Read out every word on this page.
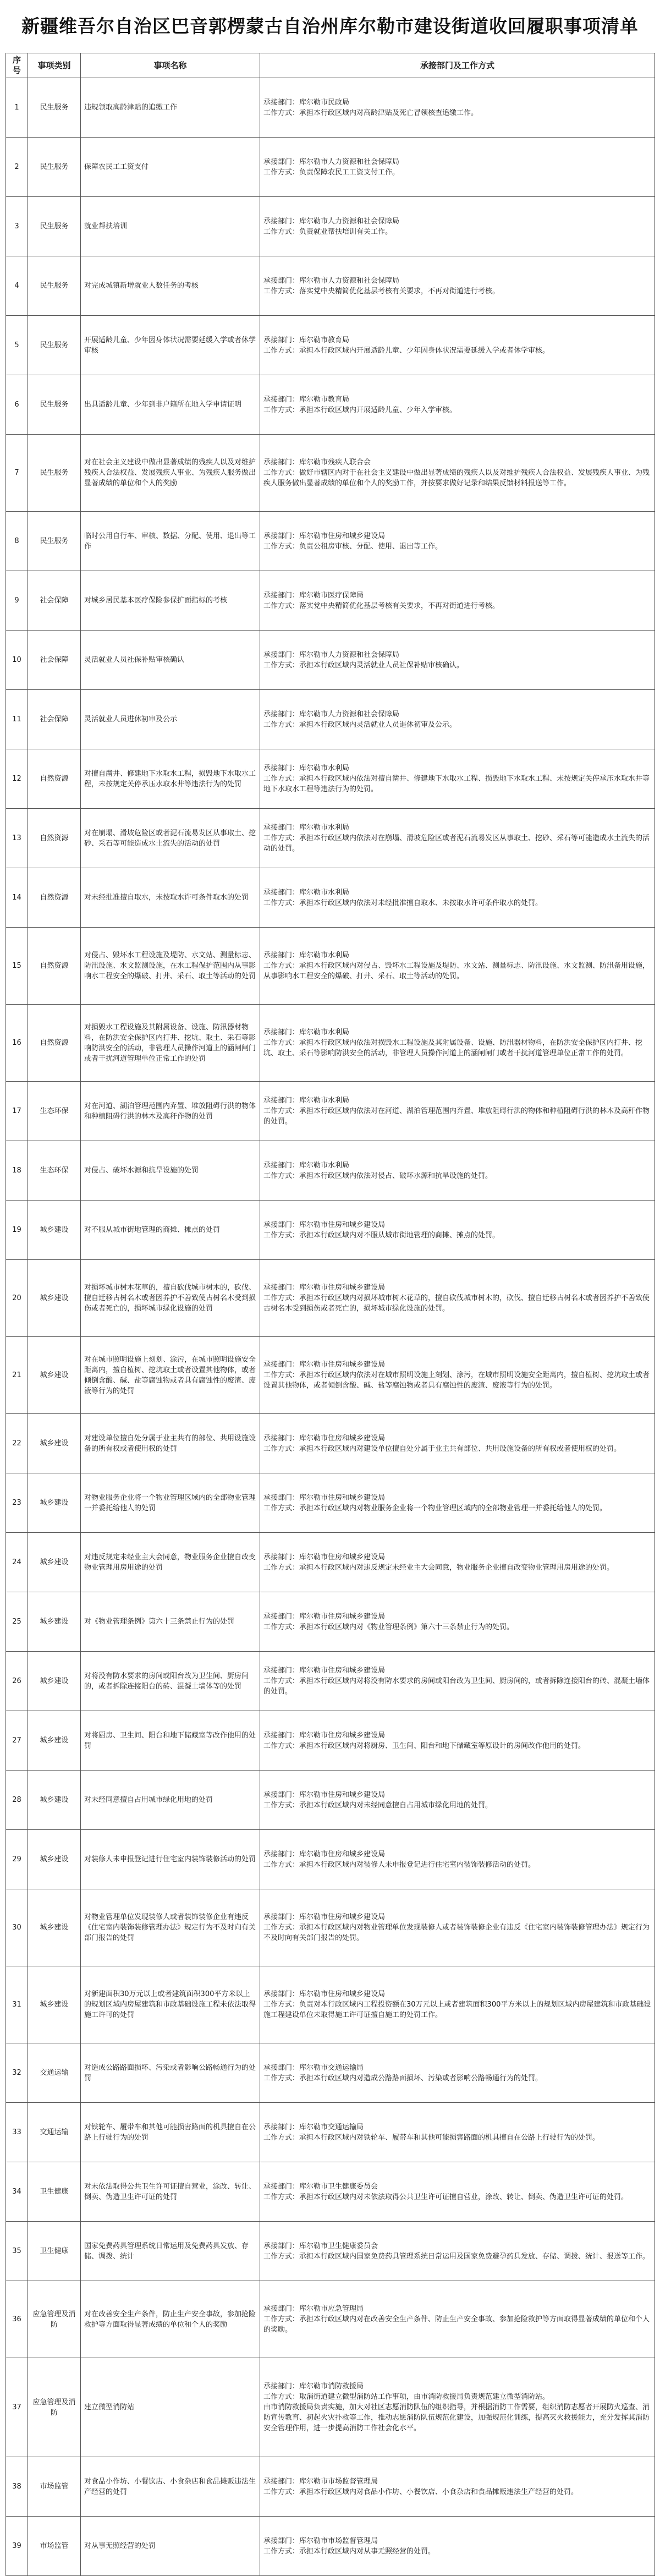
新疆维吾尔自治区巴音郭楞蒙古自治州库尔勒市建设街道收回履职事项清单
序号	事项类别	事项名称	承接部门及工作方式
1	民生服务	违规领取高龄津贴的追缴工作	承接部门：库尔勒市民政局
工作方式：承担本行政区域内对高龄津贴及死亡冒领核查追缴工作。

2	民生服务	保障农民工工资支付	承接部门：库尔勒市人力资源和社会保障局
工作方式：负责保障农民工工资支付工作。

3	民生服务	就业帮扶培训	承接部门：库尔勒市人力资源和社会保障局
工作方式：负责就业帮扶培训有关工作。

4	民生服务	对完成城镇新增就业人数任务的考核	承接部门：库尔勒市人力资源和社会保障局
工作方式：落实党中央精简优化基层考核有关要求，不再对街道进行考核。

5	民生服务	开展适龄儿童、少年因身体状况需要延缓入学或者休学审核	承接部门：库尔勒市教育局
工作方式：承担本行政区域内开展适龄儿童、少年因身体状况需要延缓入学或者休学审核。

6	民生服务	出具适龄儿童、少年到非户籍所在地入学申请证明	承接部门：库尔勒市教育局
工作方式：承担本行政区域内开展适龄儿童、少年入学审核。

7	民生服务	对在社会主义建设中做出显著成绩的残疾人以及对维护残疾人合法权益、发展残疾人事业、为残疾人服务做出显著成绩的单位和个人的奖励	承接部门：库尔勒市残疾人联合会
工作方式：做好市辖区内对于在社会主义建设中做出显著成绩的残疾人以及对维护残疾人合法权益、发展残疾人事业、为残疾人服务做出显著成绩的单位和个人的奖励工作，并按要求做好记录和结果反馈材料报送等工作。

8	民生服务	临时公用自行车、审核、数据、分配、使用、退出等工作	承接部门：库尔勒市住房和城乡建设局
工作方式：负责公租房审核、分配、使用、退出等工作。

9	社会保障	对城乡居民基本医疗保险参保扩面指标的考核	承接部门：库尔勒市医疗保障局
工作方式：落实党中央精简优化基层考核有关要求，不再对街道进行考核。

10	社会保障	灵活就业人员社保补贴审核确认	承接部门：库尔勒市人力资源和社会保障局
工作方式：承担本行政区域内灵活就业人员社保补贴审核确认。

11	社会保障	灵活就业人员进休初审及公示	承接部门：库尔勒市人力资源和社会保障局
工作方式：承担本行政区域内灵活就业人员退休初审及公示。

12	自然资源	对擅自凿井、修建地下水取水工程，损毁地下水取水工程，未按规定关停承压水取水井等违法行为的处罚	承接部门：库尔勒市水利局
工作方式：承担本行政区域内依法对擅自凿井、修建地下水取水工程、损毁地下水取水工程、未按规定关停承压水取水井等地下水取水工程等违法行为的处罚。

13	自然资源	对在崩塌、滑坡危险区或者泥石流易发区从事取土、挖砂、采石等可能造成水土流失的活动的处罚	承接部门：库尔勒市水利局
工作方式：承担本行政区域内依法对在崩塌、滑坡危险区或者泥石流易发区从事取土、挖砂、采石等可能造成水土流失的活动的处罚。

14	自然资源	对未经批准擅自取水，未按取水许可条件取水的处罚	承接部门：库尔勒市水利局
工作方式：承担本行政区域内依法对未经批准擅自取水、未按取水许可条件取水的处罚。

15	自然资源	对侵占、毁坏水工程设施及堤防、水文站、测量标志、防汛设施、水文监测设施，在水工程保护范围内从事影响水工程安全的爆破、打井、采石、取土等活动的处罚	承接部门：库尔勒市水利局
工作方式：承担本行政区域内对侵占、毁坏水工程设施及堤防、水文站、测量标志、防汛设施、水文监测、防汛备用设施，从事影响水工程安全的爆破、打井、采石、取土等活动的处罚。

16	自然资源	对损毁水工程设施及其附属设备、设施、防汛器材物料，在防洪安全保护区内打井、挖坑、取土、采石等影响防洪安全的活动，非管理人员操作河道上的涵闸闸门或者干扰河道管理单位正常工作的处罚	承接部门：库尔勒市水利局
工作方式：承担本行政区域内依法对损毁水工程设施及其附属设备、设施、防汛器材物料，在防洪安全保护区内打井、挖坑、取土、采石等影响防洪安全的活动，非管理人员操作河道上的涵闸闸门或者干扰河道管理单位正常工作的处罚。

17	生态环保	对在河道、湖泊管理范围内弃置、堆放阻碍行洪的物体和种植阻碍行洪的林木及高秆作物的处罚	承接部门：库尔勒市水利局
工作方式：承担本行政区域内依法对在河道、湖泊管理范围内弃置、堆放阻碍行洪的物体和种植阻碍行洪的林木及高秆作物的处罚。

18	生态环保	对侵占、破坏水源和抗旱设施的处罚	承接部门：库尔勒市水利局
工作方式：承担本行政区域内依法对侵占、破坏水源和抗旱设施的处罚。

19	城乡建设	对不服从城市街地管理的商摊、摊点的处罚	承接部门：库尔勒市住房和城乡建设局
工作方式：承担本行政区域内对不服从城市街地管理的商摊、摊点的处罚。

20	城乡建设	对损坏城市树木花草的，擅自砍伐城市树木的，砍伐、擅自迁移古树名木或者因养护不善致使古树名木受到损伤或者死亡的，损坏城市绿化设施的处罚	承接部门：库尔勒市住房和城乡建设局
工作方式：承担本行政区域内对损坏城市树木花草的，擅自砍伐城市树木的，砍伐、擅自迁移古树名木或者因养护不善致使古树名木受到损伤或者死亡的，损坏城市绿化设施的处罚。

21	城乡建设	对在城市照明设施上刻划、涂污，在城市照明设施安全距离内，擅自植树、挖坑取土或者设置其他物体，或者倾倒含酸、碱、盐等腐蚀物或者具有腐蚀性的废渣、废液等行为的处罚	承接部门：库尔勒市住房和城乡建设局
工作方式：承担本行政区域内依法对在城市照明设施上刻划、涂污，在城市照明设施安全距离内，擅自植树、挖坑取土或者设置其他物体，或者倾倒含酸、碱、盐等腐蚀物或者具有腐蚀性的废渣、废液等行为的处罚。

22	城乡建设	对建设单位擅自处分属于业主共有的部位、共用设施设备的所有权或者使用权的处罚	承接部门：库尔勒市住房和城乡建设局
工作方式：承担本行政区域内对建设单位擅自处分属于业主共有部位、共用设施设备的所有权或者使用权的处罚。

23	城乡建设	对物业服务企业将一个物业管理区域内的全部物业管理一并委托给他人的处罚	承接部门：库尔勒市住房和城乡建设局
工作方式：承担本行政区域内对物业服务企业将一个物业管理区域内的全部物业管理一并委托给他人的处罚。

24	城乡建设	对违反规定未经业主大会同意，物业服务企业擅自改变物业管理用房用途的处罚	承接部门：库尔勒市住房和城乡建设局
工作方式：承担本行政区域内对违反规定未经业主大会同意，物业服务企业擅自改变物业管理用房用途的处罚。

25	城乡建设	对《物业管理条例》第六十三条禁止行为的处罚	承接部门：库尔勒市住房和城乡建设局
工作方式：承担本行政区域内对《物业管理条例》第六十三条禁止行为的处罚。

26	城乡建设	对将没有防水要求的房间或阳台改为卫生间、厨房间的，或者拆除连接阳台的砖、混凝土墙体等的处罚	承接部门：库尔勒市住房和城乡建设局
工作方式：承担本行政区域内对将没有防水要求的房间或阳台改为卫生间、厨房间的，或者拆除连接阳台的砖、混凝土墙体的处罚。

27	城乡建设	对将厨房、卫生间、阳台和地下储藏室等改作他用的处罚	承接部门：库尔勒市住房和城乡建设局
工作方式：承担本行政区域内对将厨房、卫生间、阳台和地下储藏室等原设计的房间改作他用的处罚。

28	城乡建设	对未经同意擅自占用城市绿化用地的处罚	承接部门：库尔勒市住房和城乡建设局
工作方式：承担本行政区域内对未经同意擅自占用城市绿化用地的处罚。

29	城乡建设	对装修人未申报登记进行住宅室内装饰装修活动的处罚	承接部门：库尔勒市住房和城乡建设局
工作方式：承担本行政区域内对装修人未申报登记进行住宅室内装饰装修活动的处罚。

30	城乡建设	对物业管理单位发现装修人或者装饰装修企业有违反《住宅室内装饰装修管理办法》规定行为不及时向有关部门报告的处罚	承接部门：库尔勒市住房和城乡建设局
工作方式：承担本行政区域内对物业管理单位发现装修人或者装饰装修企业有违反《住宅室内装饰装修管理办法》规定行为不及时向有关部门报告的处罚。

31	城乡建设	对新建面积30万元以上或者建筑面积300平方米以上的规划区域内房屋建筑和市政基础设施工程未依法取得施工许可的处罚	承接部门：库尔勒市住房和城乡建设局
工作方式：负责对本行政区域内工程投资额在30万元以上或者建筑面积300平方米以上的规划区域内房屋建筑和市政基础设施工程建设单位未取得施工许可证擅自施工的处罚工作。

32	交通运输	对造成公路路面损坏、污染或者影响公路畅通行为的处罚	承接部门：库尔勒市交通运输局
工作方式：承担本行政区域内对造成公路路面损坏、污染或者影响公路畅通行为的处罚。

33	交通运输	对铁轮车、履带车和其他可能损害路面的机具擅自在公路上行驶行为的处罚	承接部门：库尔勒市交通运输局
工作方式：承担本行政区域内对铁轮车、履带车和其他可能损害路面的机具擅自在公路上行驶行为的处罚。

34	卫生健康	对未依法取得公共卫生许可证擅自营业，涂改、转让、倒卖、伪造卫生许可证的处罚	承接部门：库尔勒市卫生健康委员会
工作方式：承担本行政区域内对未依法取得公共卫生许可证擅自营业，涂改、转让、倒卖、伪造卫生许可证的处罚。

35	卫生健康	国家免费药具管理系统日常运用及免费药具发放、存储、调拨、统计	承接部门：库尔勒市卫生健康委员会
工作方式：承担本行政区域内国家免费药具管理系统日常运用及国家免费避孕药具发放、存储、调拨、统计、报送等工作。

36	应急管理及消防	对在改善安全生产条件，防止生产安全事故，参加抢险救护等方面取得显著成绩的单位和个人的奖励	承接部门：库尔勒市应急管理局
工作方式：承担本行政区域内对在改善安全生产条件、防止生产安全事故、参加抢险救护等方面取得显著成绩的单位和个人的奖励。

37	应急管理及消防	建立微型消防站	承接部门：库尔勒市消防救援局
工作方式：取消街道建立微型消防站工作事项，由市消防救援局负责规范建立微型消防站。
由市消防救援局负责实施，加大对社区志愿消防队伍的组织指导，并根据消防工作需要，组织消防志愿者开展防火巡查、消防宣传教育、初起火灾扑救等工作，推动志愿消防队伍规范化建设，加强规范化训练，提高灭火救援能力，充分发挥其消防安全管理作用，进一步提高消防工作社会化水平。

38	市场监管	对食品小作坊、小餐饮店、小食杂店和食品摊贩违法生产经营的处罚	承接部门：库尔勒市市场监督管理局
工作方式：承担本行政区域内对食品小作坊、小餐饮店、小食杂店和食品摊贩违法生产经营的处罚。

39	市场监管	对从事无照经营的处罚	承接部门：库尔勒市市场监督管理局
工作方式：承担本行政区域内对从事无照经营的处罚。
